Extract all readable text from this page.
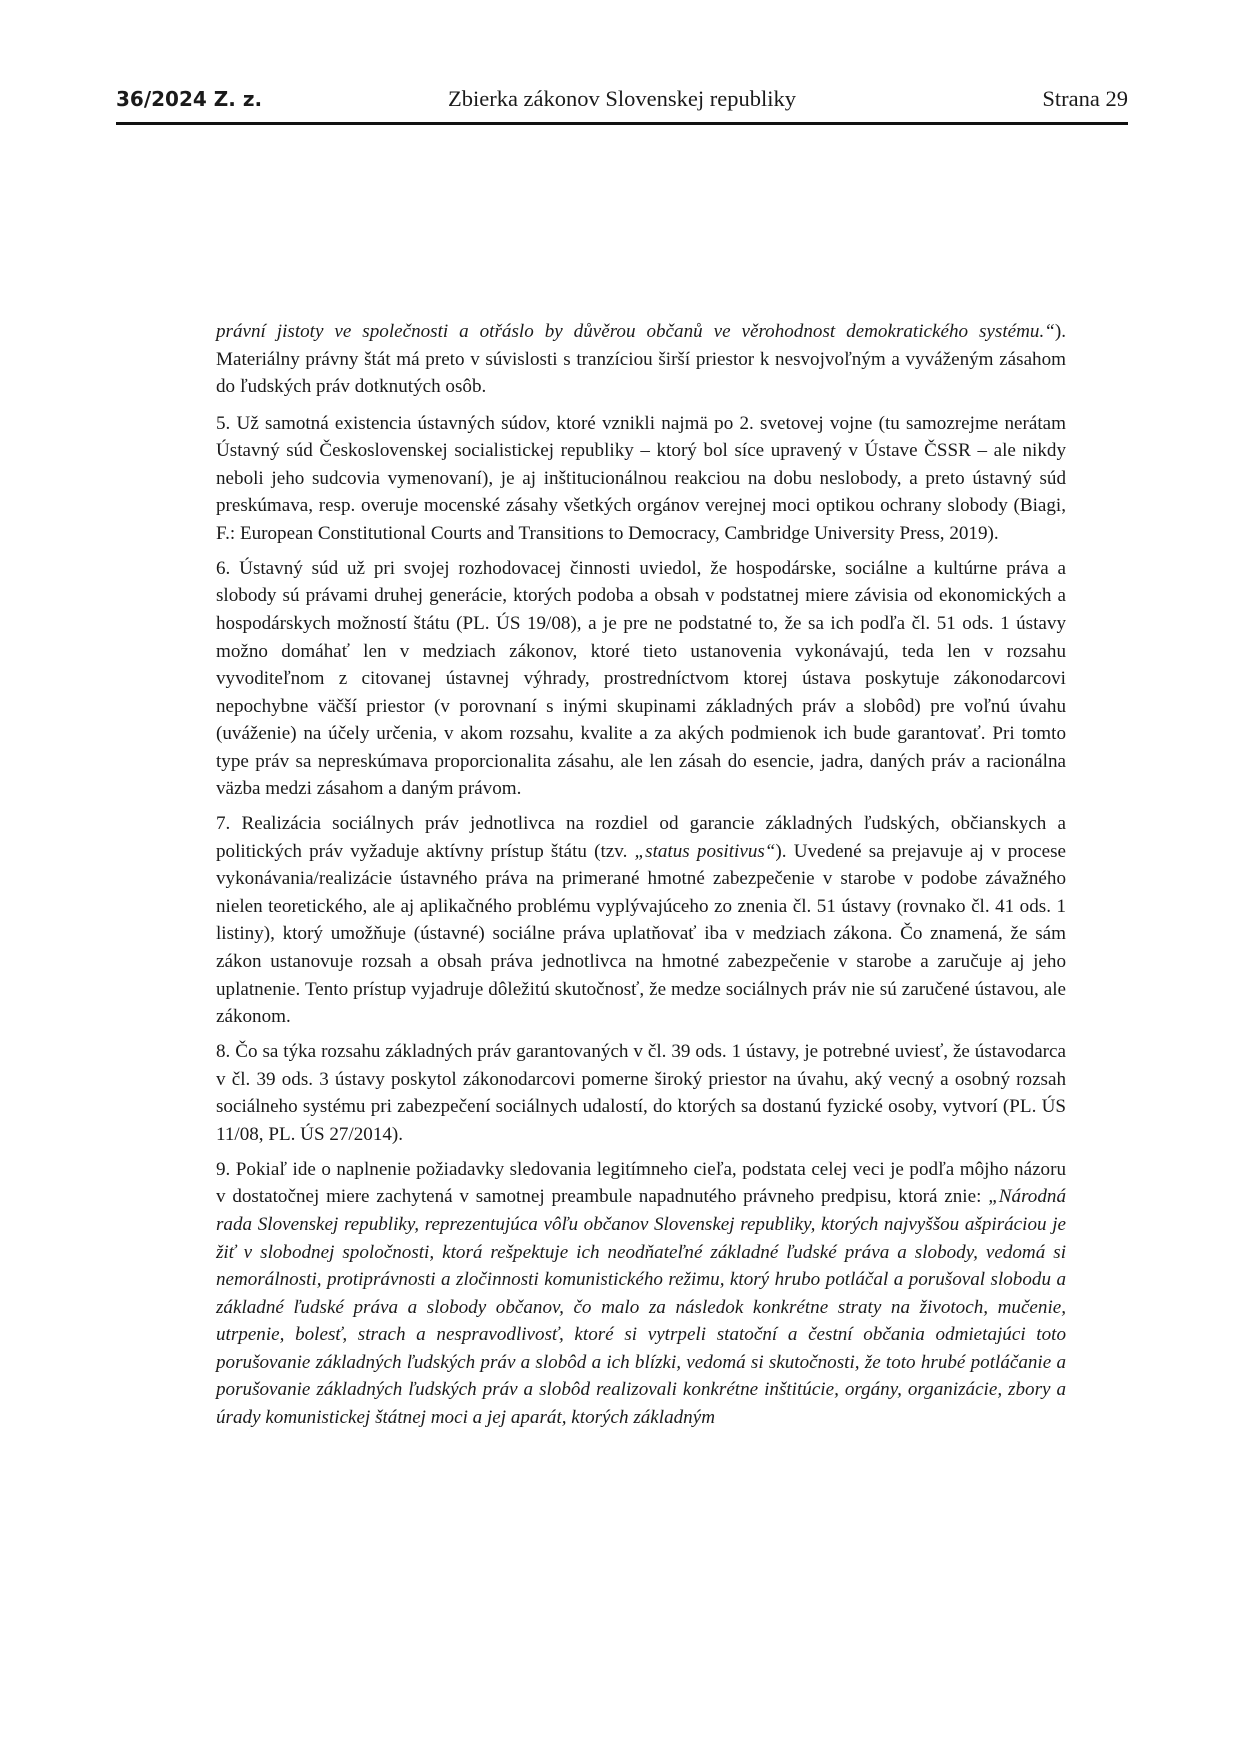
Zbierka zákonov Slovenskej republiky
36/2024 Z. z.	Strana 29

právní jistoty ve společnosti a otřáslo by důvěrou občanů ve věrohodnost demokratického systému.“). Materiálny právny štát má preto v súvislosti s tranzíciou širší priestor k nesvojvoľným a vyváženým zásahom do ľudských práv dotknutých osôb.

5. Už samotná existencia ústavných súdov, ktoré vznikli najmä po 2. svetovej vojne (tu samozrejme nerátam Ústavný súd Československej socialistickej republiky – ktorý bol síce upravený v Ústave ČSSR – ale nikdy neboli jeho sudcovia vymenovaní), je aj inštitucionálnou reakciou na dobu neslobody, a preto ústavný súd preskúmava, resp. overuje mocenské zásahy všetkých orgánov verejnej moci optikou ochrany slobody (Biagi, F.: European Constitutional Courts and Transitions to Democracy, Cambridge University Press, 2019).

6. Ústavný súd už pri svojej rozhodovacej činnosti uviedol, že hospodárske, sociálne a kultúrne práva a slobody sú právami druhej generácie, ktorých podoba a obsah v podstatnej miere závisia od ekonomických a hospodárskych možností štátu (PL. ÚS 19/08), a je pre ne podstatné to, že sa ich podľa čl. 51 ods. 1 ústavy možno domáhať len v medziach zákonov, ktoré tieto ustanovenia vykonávajú, teda len v rozsahu vyvoditeľnom z citovanej ústavnej výhrady, prostredníctvom ktorej ústava poskytuje zákonodarcovi nepochybne väčší priestor (v porovnaní s inými skupinami základných práv a slobôd) pre voľnú úvahu (uváženie) na účely určenia, v akom rozsahu, kvalite a za akých podmienok ich bude garantovať. Pri tomto type práv sa nepreskúmava proporcionalita zásahu, ale len zásah do esencie, jadra, daných práv a racionálna väzba medzi zásahom a daným právom.

7. Realizácia sociálnych práv jednotlivca na rozdiel od garancie základných ľudských, občianskych a politických práv vyžaduje aktívny prístup štátu (tzv. „status positivus“). Uvedené sa prejavuje aj v procese vykonávania/realizácie ústavného práva na primerané hmotné zabezpečenie v starobe v podobe závažného nielen teoretického, ale aj aplikačného problému vyplývajúceho zo znenia čl. 51 ústavy (rovnako čl. 41 ods. 1 listiny), ktorý umožňuje (ústavné) sociálne práva uplatňovať iba v medziach zákona. Čo znamená, že sám zákon ustanovuje rozsah a obsah práva jednotlivca na hmotné zabezpečenie v starobe a zaručuje aj jeho uplatnenie. Tento prístup vyjadruje dôležitú skutočnosť, že medze sociálnych práv nie sú zaručené ústavou, ale zákonom.

8. Čo sa týka rozsahu základných práv garantovaných v čl. 39 ods. 1 ústavy, je potrebné uviesť, že ústavodarca v čl. 39 ods. 3 ústavy poskytol zákonodarcovi pomerne široký priestor na úvahu, aký vecný a osobný rozsah sociálneho systému pri zabezpečení sociálnych udalostí, do ktorých sa dostanú fyzické osoby, vytvorí (PL. ÚS 11/08, PL. ÚS 27/2014).

9. Pokiaľ ide o naplnenie požiadavky sledovania legitímneho cieľa, podstata celej veci je podľa môjho názoru v dostatočnej miere zachytená v samotnej preambule napadnutého právneho predpisu, ktorá znie: „Národná rada Slovenskej republiky, reprezentujúca vôľu občanov Slovenskej republiky, ktorých najvyššou ašpiráciou je žiť v slobodnej spoločnosti, ktorá rešpektuje ich neodňateľné základné ľudské práva a slobody, vedomá si nemorálnosti, protiprávnosti a zločinnosti komunistického režimu, ktorý hrubo potláčal a porušoval slobodu a základné ľudské práva a slobody občanov, čo malo za následok konkrétne straty na životoch, mučenie, utrpenie, bolesť, strach a nespravodlivosť, ktoré si vytrpeli statoční a čestní občania odmietajúci toto porušovanie základných ľudských práv a slobôd a ich blízki, vedomá si skutočnosti, že toto hrubé potláčanie a porušovanie základných ľudských práv a slobôd realizovali konkrétne inštitúcie, orgány, organizácie, zbory a úrady komunistickej štátnej moci a jej aparát, ktorých základným
